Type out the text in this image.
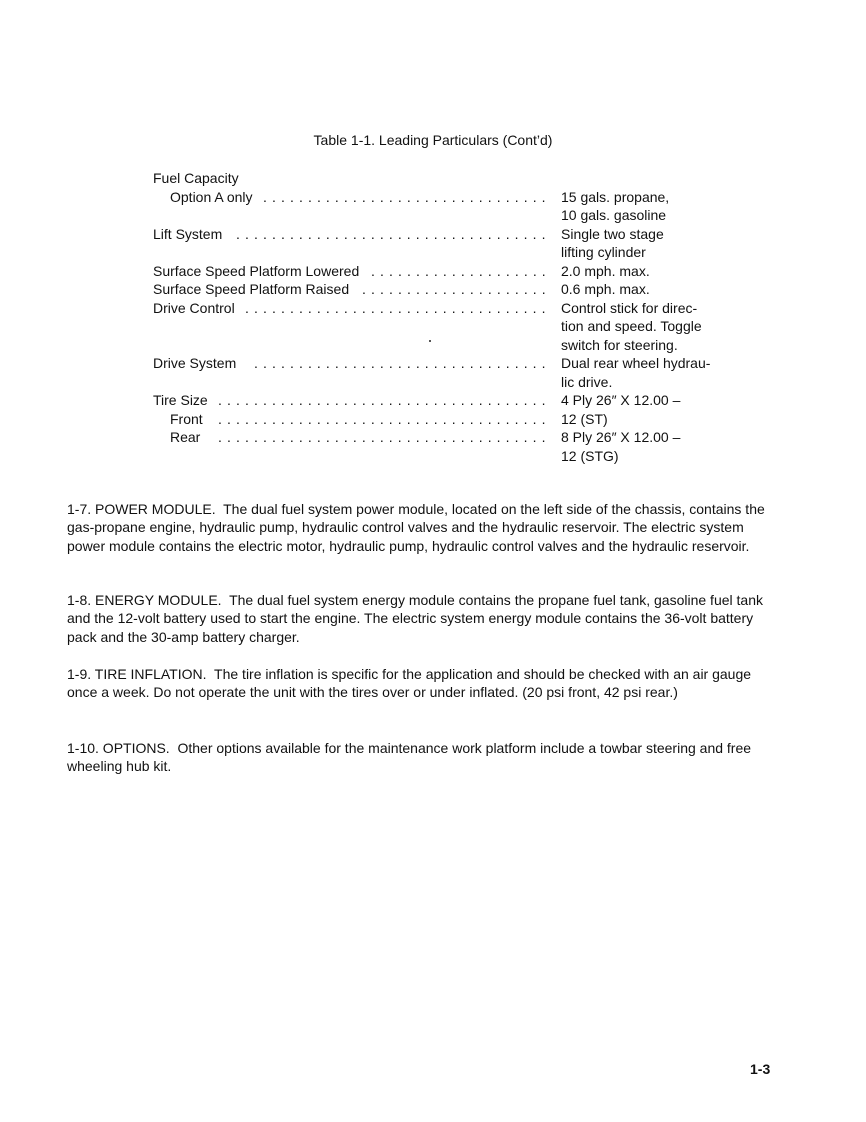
Table 1-1. Leading Particulars (Cont’d)
Fuel Capacity
Option A only ................................ 15 gals. propane,
10 gals. gasoline
Lift System ................................... Single two stage
lifting cylinder
Surface Speed Platform Lowered .................... 2.0 mph. max.
Surface Speed Platform Raised ..................... 0.6 mph. max.
Drive Control .................................. Control stick for direc-
tion and speed. Toggle
switch for steering.
Drive System ................................. Dual rear wheel hydrau-
lic drive.
Tire Size ..................................... 4 Ply 26″ X 12.00 –
Front ..................................... 12 (ST)
Rear ..................................... 8 Ply 26″ X 12.00 –
12 (STG)
1-7. POWER MODULE. The dual fuel system power module, located on the left side of the chassis, contains the gas-propane engine, hydraulic pump, hydraulic control valves and the hydraulic reservoir. The electric system power module contains the electric motor, hydraulic pump, hydraulic control valves and the hydraulic reservoir.
1-8. ENERGY MODULE. The dual fuel system energy module contains the propane fuel tank, gasoline fuel tank and the 12-volt battery used to start the engine. The electric system energy module contains the 36-volt battery pack and the 30-amp battery charger.
1-9. TIRE INFLATION. The tire inflation is specific for the application and should be checked with an air gauge once a week. Do not operate the unit with the tires over or under inflated. (20 psi front, 42 psi rear.)
1-10. OPTIONS. Other options available for the maintenance work platform include a towbar steering and free wheeling hub kit.
1-3
